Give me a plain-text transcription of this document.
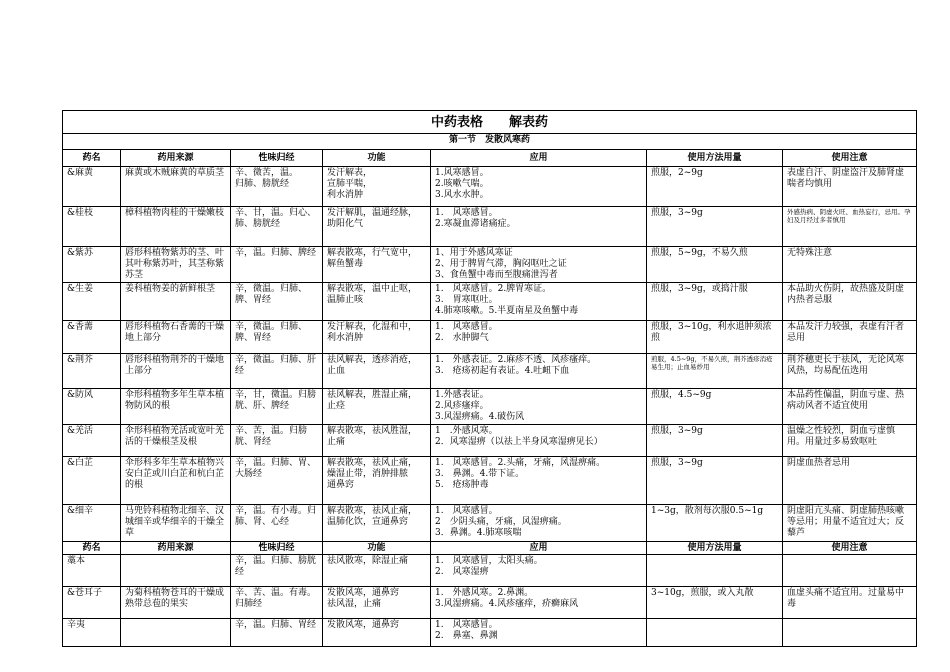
中药表格　　解表药						
第一节　发散风寒药						
药名	药用来源	性味归经	功能	应用	使用方法用量	使用注意

&麻黄	麻黄或木贼麻黄的草质茎	辛、微苦，温。
归肺、膀胱经	发汗解表，
宣肺平喘，
利水消肿	1.风寒感冒。
2.咳嗽气喘。
3.风水水肿。	煎服，2~9g	表虚自汗、阴虚盗汗及肺肾虚喘者均慎用

&桂枝	樟科植物肉桂的干燥嫩枝	辛、甘，温。归心、肺、膀胱经	发汗解肌，温通经脉，
助阳化气	1.　风寒感冒。
2.寒凝血滞诸痛症。	煎服，3~9g	外感热病、阴虚火旺、血热妄行，忌用。孕妇及月经过多者慎用

&紫苏	唇形科植物紫苏的茎、叶其叶称紫苏叶，其茎称紫苏茎	辛，温。归肺、脾经	解表散寒，行气宽中，
解鱼蟹毒	1、用于外感风寒证
2、用于脾胃气滞，胸闷呕吐之证
3、食鱼蟹中毒而至腹痛泄泻者	煎服，5~9g，不易久煎	无特殊注意

&生姜	姜科植物姜的新鲜根茎	辛，微温。归肺、脾、胃经	解表散寒，温中止呕，
温肺止咳	1.　风寒感冒。2.脾胃寒证。
3.　胃寒呕吐。
4.肺寒咳嗽。5.半夏南星及鱼蟹中毒	煎服，3~9g，或捣汁服	本品助火伤阴，故热盛及阴虚内热者忌服

&香薷	唇形科植物石香薷的干燥地上部分	辛，微温。归肺、脾、胃经	发汗解表，化湿和中，
利水消肿	1.　风寒感冒。
2.　水肿脚气	煎服，3~10g，利水退肿须浓煎	本品发汗力较强，表虚有汗者忌用

&荆芥	唇形科植物荆芥的干燥地上部分	辛，微温。归肺、肝经	祛风解表，透疹消疮，
止血	1.　外感表证。2.麻疹不透、风疹瘙痒。
3.　疮疡初起有表证。4.吐衄下血	煎服，4.5~9g，不易久煎，荆芥透疹消疮易生用；止血易炒用	荆芥穗更长于祛风，无论风寒风热，均易配伍选用

&防风	伞形科植物多年生草本植物防风的根	辛，甘，微温。归膀胱、肝、脾经	祛风解表，胜湿止痛，
止痉	1.外感表证。
2.风疹瘙痒。
3.风湿痹痛。4.破伤风	煎服，4.5~9g	本品药性偏温，阴血亏虚、热病动风者不适宜使用

&羌活	伞形科植物羌活或宽叶羌活的干燥根茎及根	辛、苦，温。归膀胱、肾经	解表散寒，祛风胜湿，
止痛	1　.外感风寒。
2．风寒湿痹（以祛上半身风寒湿痹见长）	煎服，3~9g	温燥之性较烈，阴血亏虚慎用。用量过多易致呕吐

&白芷	伞形科多年生草本植物兴安白芷或川白芷和杭白芷的根	辛，温。归肺、胃、大肠经	解表散寒，祛风止痛，
燥湿止带，消肿排脓
通鼻窍	1.　风寒感冒。2.头痛，牙痛，风湿痹痛。
3.　鼻渊。4.带下证。
5.　疮疡肿毒	煎服，3~9g	阴虚血热者忌用

&细辛	马兜铃科植物北细辛、汉城细辛或华细辛的干燥全草	辛，温。有小毒。归肺、肾、心经	解表散寒，祛风止痛，
温肺化饮，宣通鼻窍	1.　风寒感冒。
2　少阴头痛，牙痛，风湿痹痛。
3．鼻渊。4.肺寒咳喘	1~3g，散剂每次服0.5~1g	阴虚阳亢头痛、阴虚肺热咳嗽等忌用；用量不适宜过大；反藜芦

药名	药用来源	性味归经	功能	应用	使用方法用量	使用注意

藁本		辛，温。归肺、膀胱经	祛风散寒，除湿止痛	1.　风寒感冒，太阳头痛。
2.　风寒湿痹		

&苍耳子	为菊科植物苍耳的干燥成熟带总苞的果实	辛、苦、温。有毒。归肺经	发散风寒，通鼻窍
祛风湿，止痛	1.　外感风寒。2.鼻渊。
3.风湿痹痛。4.风疹瘙痒，疥癣麻风	3~10g，煎服，或入丸散	血虚头痛不适宜用。过量易中毒

辛夷		辛，温。归肺、胃经	发散风寒，通鼻窍	1.　风寒感冒。
2.　鼻塞、鼻渊		
